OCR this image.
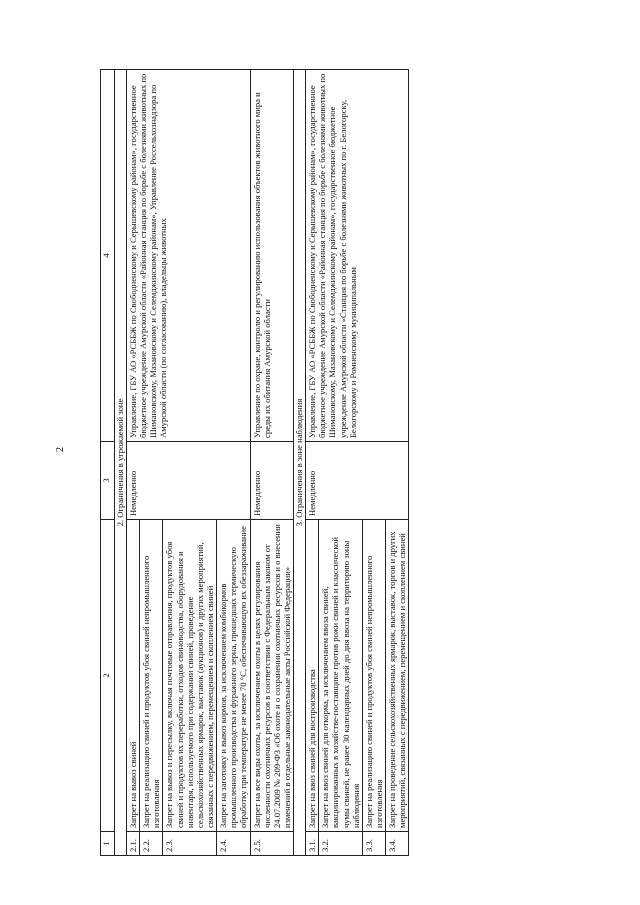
2
1	2	3	4
2. Ограничения в угрожаемой зоне			
2.1.	Запрет на вывоз свиней	Немедленно	Управление, ГБУ АО «РСББЖ по Свободненскому и Серышевскому районам», государственное бюджетное учреждение Амурской области «Районная станция по борьбе с болезнями животных по Шимановскому, Мазановскому и Селемджинскому районам», Управление Россельхознадзора по Амурской области (по согласованию), владельцы животных
2.2.	Запрет на реализацию свиней и продуктов убоя свиней непромышленного изготовления		
2.3.	Запрет на вывоз и пересылку, включая почтовые отправления, продуктов убоя свиней и продуктов их переработки, отходов свиноводства, оборудования и инвентаря, используемого при содержании свиней, проведение сельскохозяйственных ярмарок, выставок (аукционов) и других мероприятий, связанных с передвижением, перемещением и скоплением свиней		
2.4.	Запрет на заготовку и вывоз кормов, за исключением комбикормов промышленного производства и фуражного зерна, прошедших термическую обработку при температуре не менее 70 °С, обеспечивающую их обеззараживание		
2.5.	Запрет на все виды охоты, за исключением охоты в целях регулирования численности охотничьих ресурсов в соответствии с Федеральным законом от 24.07.2009 № 209-ФЗ «Об охоте и о сохранении охотничьих ресурсов и о внесении изменений в отдельные законодательные акты Российской Федерации»	Немедленно	Управление по охране, контролю и регулированию использования объектов животного мира и среды их обитания Амурской области
3. Ограничения в зоне наблюдения			
3.1.	Запрет на ввоз свиней для воспроизводства	Немедленно	Управление, ГБУ АО «РСББЖ по Свободненскому и Серышевскому районам», государственное бюджетное учреждение Амурской области «Районная станция по борьбе с болезнями животных по Шимановскому, Мазановскому и Селемджинскому районам», государственное бюджетное учреждение Амурской области «Станция по борьбе с болезнями животных по г. Белогорску, Белогорскому и Ромненскому муниципальным
3.2.	Запрет на ввоз свиней для откорма, за исключением ввоза свиней, вакцинированных в хозяйстве-поставщике против рожи свиней и классической чумы свиней, не ранее 30 календарных дней до дня ввоза на территорию зоны наблюдения		
3.3.	Запрет на реализацию свиней и продуктов убоя свиней непромышленного изготовления		
3.4.	Запрет на проведение сельскохозяйственных ярмарок, выставок, торгов и других мероприятий, связанных с передвижением, перемещением и скоплением свиней		
